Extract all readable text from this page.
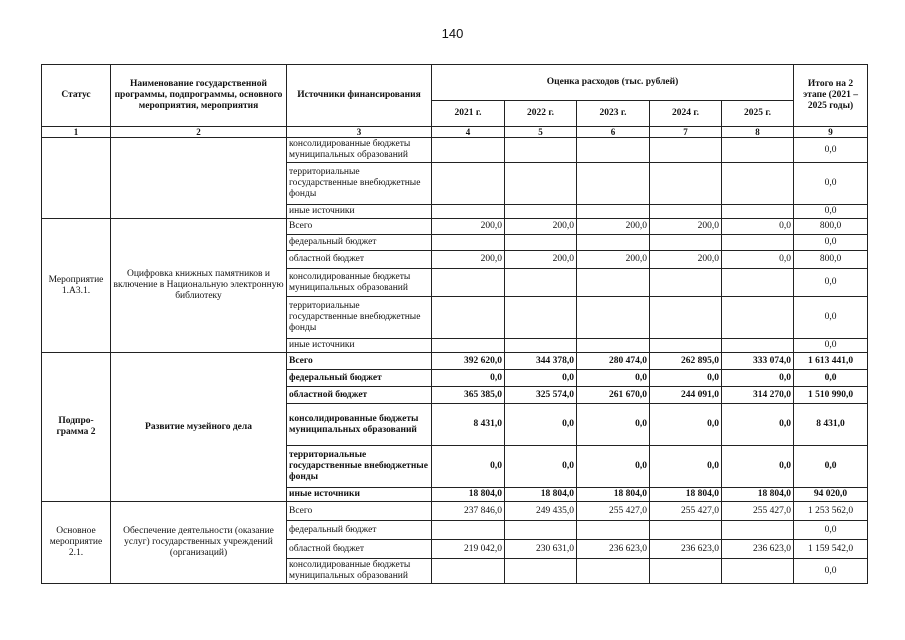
140
Статус	Наименование государственной программы, подпрограммы, основного мероприятия, мероприятия	Источники финансирования	Оценка расходов (тыс. рублей)					Итого на 2 этапе (2021 – 2025 годы)
			2021 г.	2022 г.	2023 г.	2024 г.	2025 г.	
1	2	3	4	5	6	7	8	9
		консолидированные бюджеты муниципальных образований						0,0
		территориальные государственные внебюджетные фонды						0,0
		иные источники						0,0
Мероприятие 1.А3.1.	Оцифровка книжных памятников и включение в Национальную электронную библиотеку	Всего	200,0	200,0	200,0	200,0	0,0	800,0
		федеральный бюджет						0,0
		областной бюджет	200,0	200,0	200,0	200,0	0,0	800,0
		консолидированные бюджеты муниципальных образований						0,0
		территориальные государственные внебюджетные фонды						0,0
		иные источники						0,0
Подпро-грамма 2	Развитие музейного дела	Всего	392 620,0	344 378,0	280 474,0	262 895,0	333 074,0	1 613 441,0
		федеральный бюджет	0,0	0,0	0,0	0,0	0,0	0,0
		областной бюджет	365 385,0	325 574,0	261 670,0	244 091,0	314 270,0	1 510 990,0
		консолидированные бюджеты муниципальных образований	8 431,0	0,0	0,0	0,0	0,0	8 431,0
		территориальные государственные внебюджетные фонды	0,0	0,0	0,0	0,0	0,0	0,0
		иные источники	18 804,0	18 804,0	18 804,0	18 804,0	18 804,0	94 020,0
Основное мероприятие 2.1.	Обеспечение деятельности (оказание услуг) государственных учреждений (организаций)	Всего	237 846,0	249 435,0	255 427,0	255 427,0	255 427,0	1 253 562,0
		федеральный бюджет						0,0
		областной бюджет	219 042,0	230 631,0	236 623,0	236 623,0	236 623,0	1 159 542,0
		консолидированные бюджеты муниципальных образований						0,0
